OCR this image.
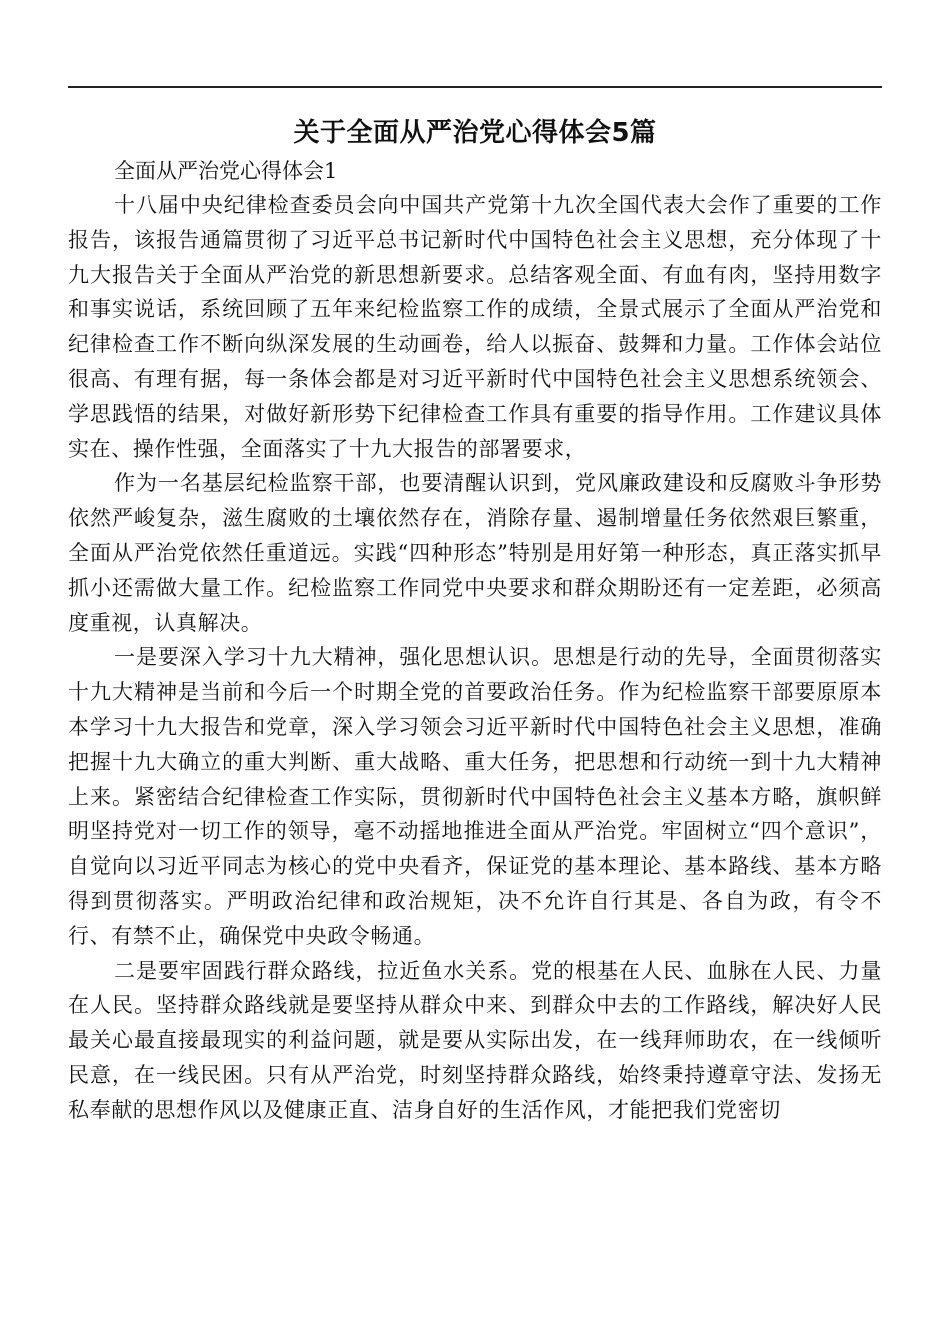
关于全面从严治党心得体会5篇

全面从严治党心得体会1

十八届中央纪律检查委员会向中国共产党第十九次全国代表大会作了重要的工作报告，该报告通篇贯彻了习近平总书记新时代中国特色社会主义思想，充分体现了十九大报告关于全面从严治党的新思想新要求。总结客观全面、有血有肉，坚持用数字和事实说话，系统回顾了五年来纪检监察工作的成绩，全景式展示了全面从严治党和纪律检查工作不断向纵深发展的生动画卷，给人以振奋、鼓舞和力量。工作体会站位很高、有理有据，每一条体会都是对习近平新时代中国特色社会主义思想系统领会、学思践悟的结果，对做好新形势下纪律检查工作具有重要的指导作用。工作建议具体实在、操作性强，全面落实了十九大报告的部署要求，

作为一名基层纪检监察干部，也要清醒认识到，党风廉政建设和反腐败斗争形势依然严峻复杂，滋生腐败的土壤依然存在，消除存量、遏制增量任务依然艰巨繁重，全面从严治党依然任重道远。实践“四种形态”特别是用好第一种形态，真正落实抓早抓小还需做大量工作。纪检监察工作同党中央要求和群众期盼还有一定差距，必须高度重视，认真解决。

一是要深入学习十九大精神，强化思想认识。思想是行动的先导，全面贯彻落实十九大精神是当前和今后一个时期全党的首要政治任务。作为纪检监察干部要原原本本学习十九大报告和党章，深入学习领会习近平新时代中国特色社会主义思想，准确把握十九大确立的重大判断、重大战略、重大任务，把思想和行动统一到十九大精神上来。紧密结合纪律检查工作实际，贯彻新时代中国特色社会主义基本方略，旗帜鲜明坚持党对一切工作的领导，毫不动摇地推进全面从严治党。牢固树立“四个意识”，自觉向以习近平同志为核心的党中央看齐，保证党的基本理论、基本路线、基本方略得到贯彻落实。严明政治纪律和政治规矩，决不允许自行其是、各自为政，有令不行、有禁不止，确保党中央政令畅通。

二是要牢固践行群众路线，拉近鱼水关系。党的根基在人民、血脉在人民、力量在人民。坚持群众路线就是要坚持从群众中来、到群众中去的工作路线，解决好人民最关心最直接最现实的利益问题，就是要从实际出发，在一线拜师助农，在一线倾听民意，在一线民困。只有从严治党，时刻坚持群众路线，始终秉持遵章守法、发扬无私奉献的思想作风以及健康正直、洁身自好的生活作风，才能把我们党密切
